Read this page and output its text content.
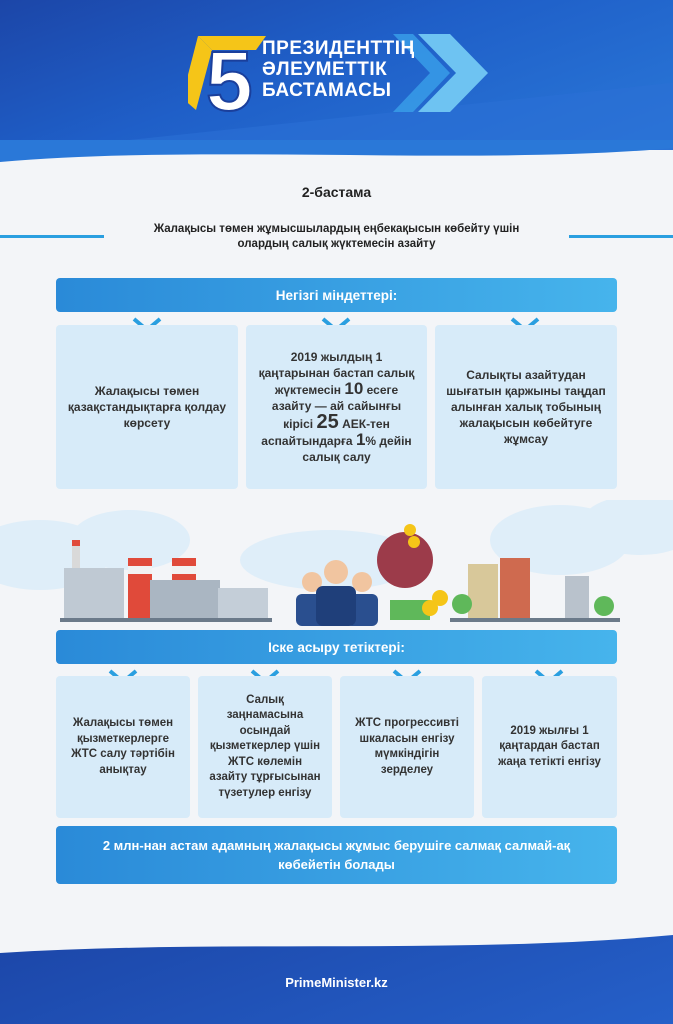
5 ПРЕЗИДЕНТТІҢ
ӘЛЕУМЕТТІК
БАСТАМАСЫ
2-бастама
Жалақысы төмен жұмысшылардың еңбекақысын көбейту үшін
олардың салық жүктемесін азайту
Негізгі міндеттері:
Жалақысы төмен қазақстандықтарға қолдау көрсету
2019 жылдың 1 қаңтарынан бастап салық жүктемесін 10 есеге азайту — ай сайынғы кірісі 25 АЕК-тен аспайтындарға 1% дейін салық салу
Салықты азайтудан шығатын қаржыны таңдап алынған халық тобының жалақысын көбейтуге жұмсау
Іске асыру тетіктері:
Жалақысы төмен қызметкерлерге ЖТС салу тәртібін анықтау
Салық заңнамасына осындай қызметкерлер үшін ЖТС көлемін азайту тұрғысынан түзетулер енгізу
ЖТС прогрессивті шкаласын енгізу мүмкіндігін зерделеу
2019 жылғы 1 қаңтардан бастап жаңа тетікті енгізу
2 млн-нан астам адамның жалақысы жұмыс берушіге салмақ салмай-ақ көбейетін болады
PrimeMinister.kz
